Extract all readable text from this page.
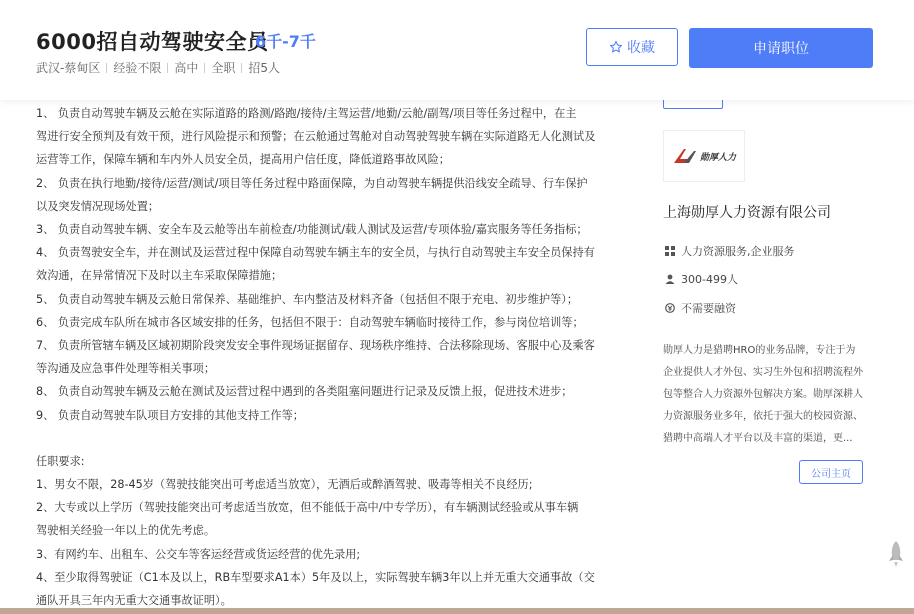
6000招自动驾驶安全员
6千-7千
武汉-蔡甸区 经验不限 高中 全职 招5人
收藏	申请职位

1、 负责自动驾驶车辆及云舱在实际道路的路测/路跑/接待/主驾运营/地勤/云舱/副驾/项目等任务过程中，在主

驾进行安全预判及有效干预，进行风险提示和预警；在云舱通过驾舱对自动驾驶驾驶车辆在实际道路无人化测试及

运营等工作，保障车辆和车内外人员安全员，提高用户信任度，降低道路事故风险；

2、 负责在执行地勤/接待/运营/测试/项目等任务过程中路面保障，为自动驾驶车辆提供沿线安全疏导、行车保护

以及突发情况现场处置；

3、 负责自动驾驶车辆、安全车及云舱等出车前检查/功能测试/载人测试及运营/专项体验/嘉宾服务等任务指标；

4、 负责驾驶安全车，并在测试及运营过程中保障自动驾驶车辆主车的安全员，与执行自动驾驶主车安全员保持有

效沟通，在异常情况下及时以主车采取保障措施；

5、 负责自动驾驶车辆及云舱日常保养、基础维护、车内整洁及材料齐备（包括但不限于充电、初步维护等）；

6、 负责完成车队所在城市各区域安排的任务，包括但不限于：自动驾驶车辆临时接待工作，参与岗位培训等；

7、 负责所管辖车辆及区域初期阶段突发安全事件现场证据留存、现场秩序维持、合法移除现场、客服中心及乘客

等沟通及应急事件处理等相关事项；

8、 负责自动驾驶车辆及云舱在测试及运营过程中遇到的各类阻塞问题进行记录及反馈上报，促进技术进步；

9、 负责自动驾驶车队项目方安排的其他支持工作等；

任职要求:

1、男女不限，28-45岁（驾驶技能突出可考虑适当放宽），无酒后或醉酒驾驶、吸毒等相关不良经历;

2、大专或以上学历（驾驶技能突出可考虑适当放宽，但不能低于高中/中专学历），有车辆测试经验或从事车辆

驾驶相关经验一年以上的优先考虑。

3、有网约车、出租车、公交车等客运经营或货运经营的优先录用;

4、至少取得驾驶证（C1本及以上，RB车型要求A1本）5年及以上，实际驾驶车辆3年以上并无重大交通事故（交

通队开具三年内无重大交通事故证明）。

勋厚人力
上海勋厚人力资源有限公司
人力资源服务,企业服务
300-499人
不需要融资

勋厚人力是猎聘HRO的业务品牌，专注于为

企业提供人才外包、实习生外包和招聘流程外

包等整合人力资源外包解决方案。勋厚深耕人

力资源服务业多年，依托于强大的校园资源、

猎聘中高端人才平台以及丰富的渠道，更...

公司主页
